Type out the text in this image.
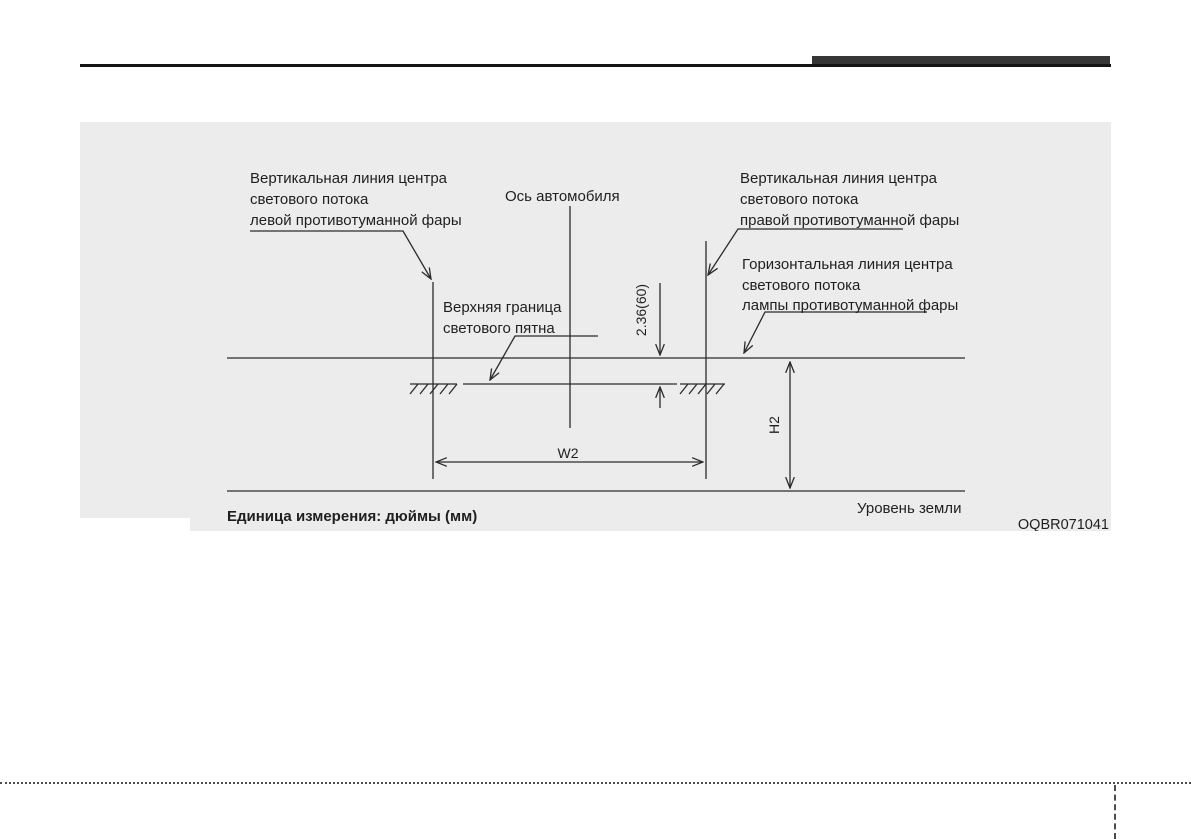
Вертикальная линия центра
светового потока
левой противотуманной фары
Ось автомобиля
Вертикальная линия центра
светового потока
правой противотуманной фары
Горизонтальная линия центра
светового потока
лампы противотуманной фары
Верхняя граница
светового пятна	2.36(60)
W2
H2
Уровень земли
Единица измерения: дюймы (мм)	OQBR071041
